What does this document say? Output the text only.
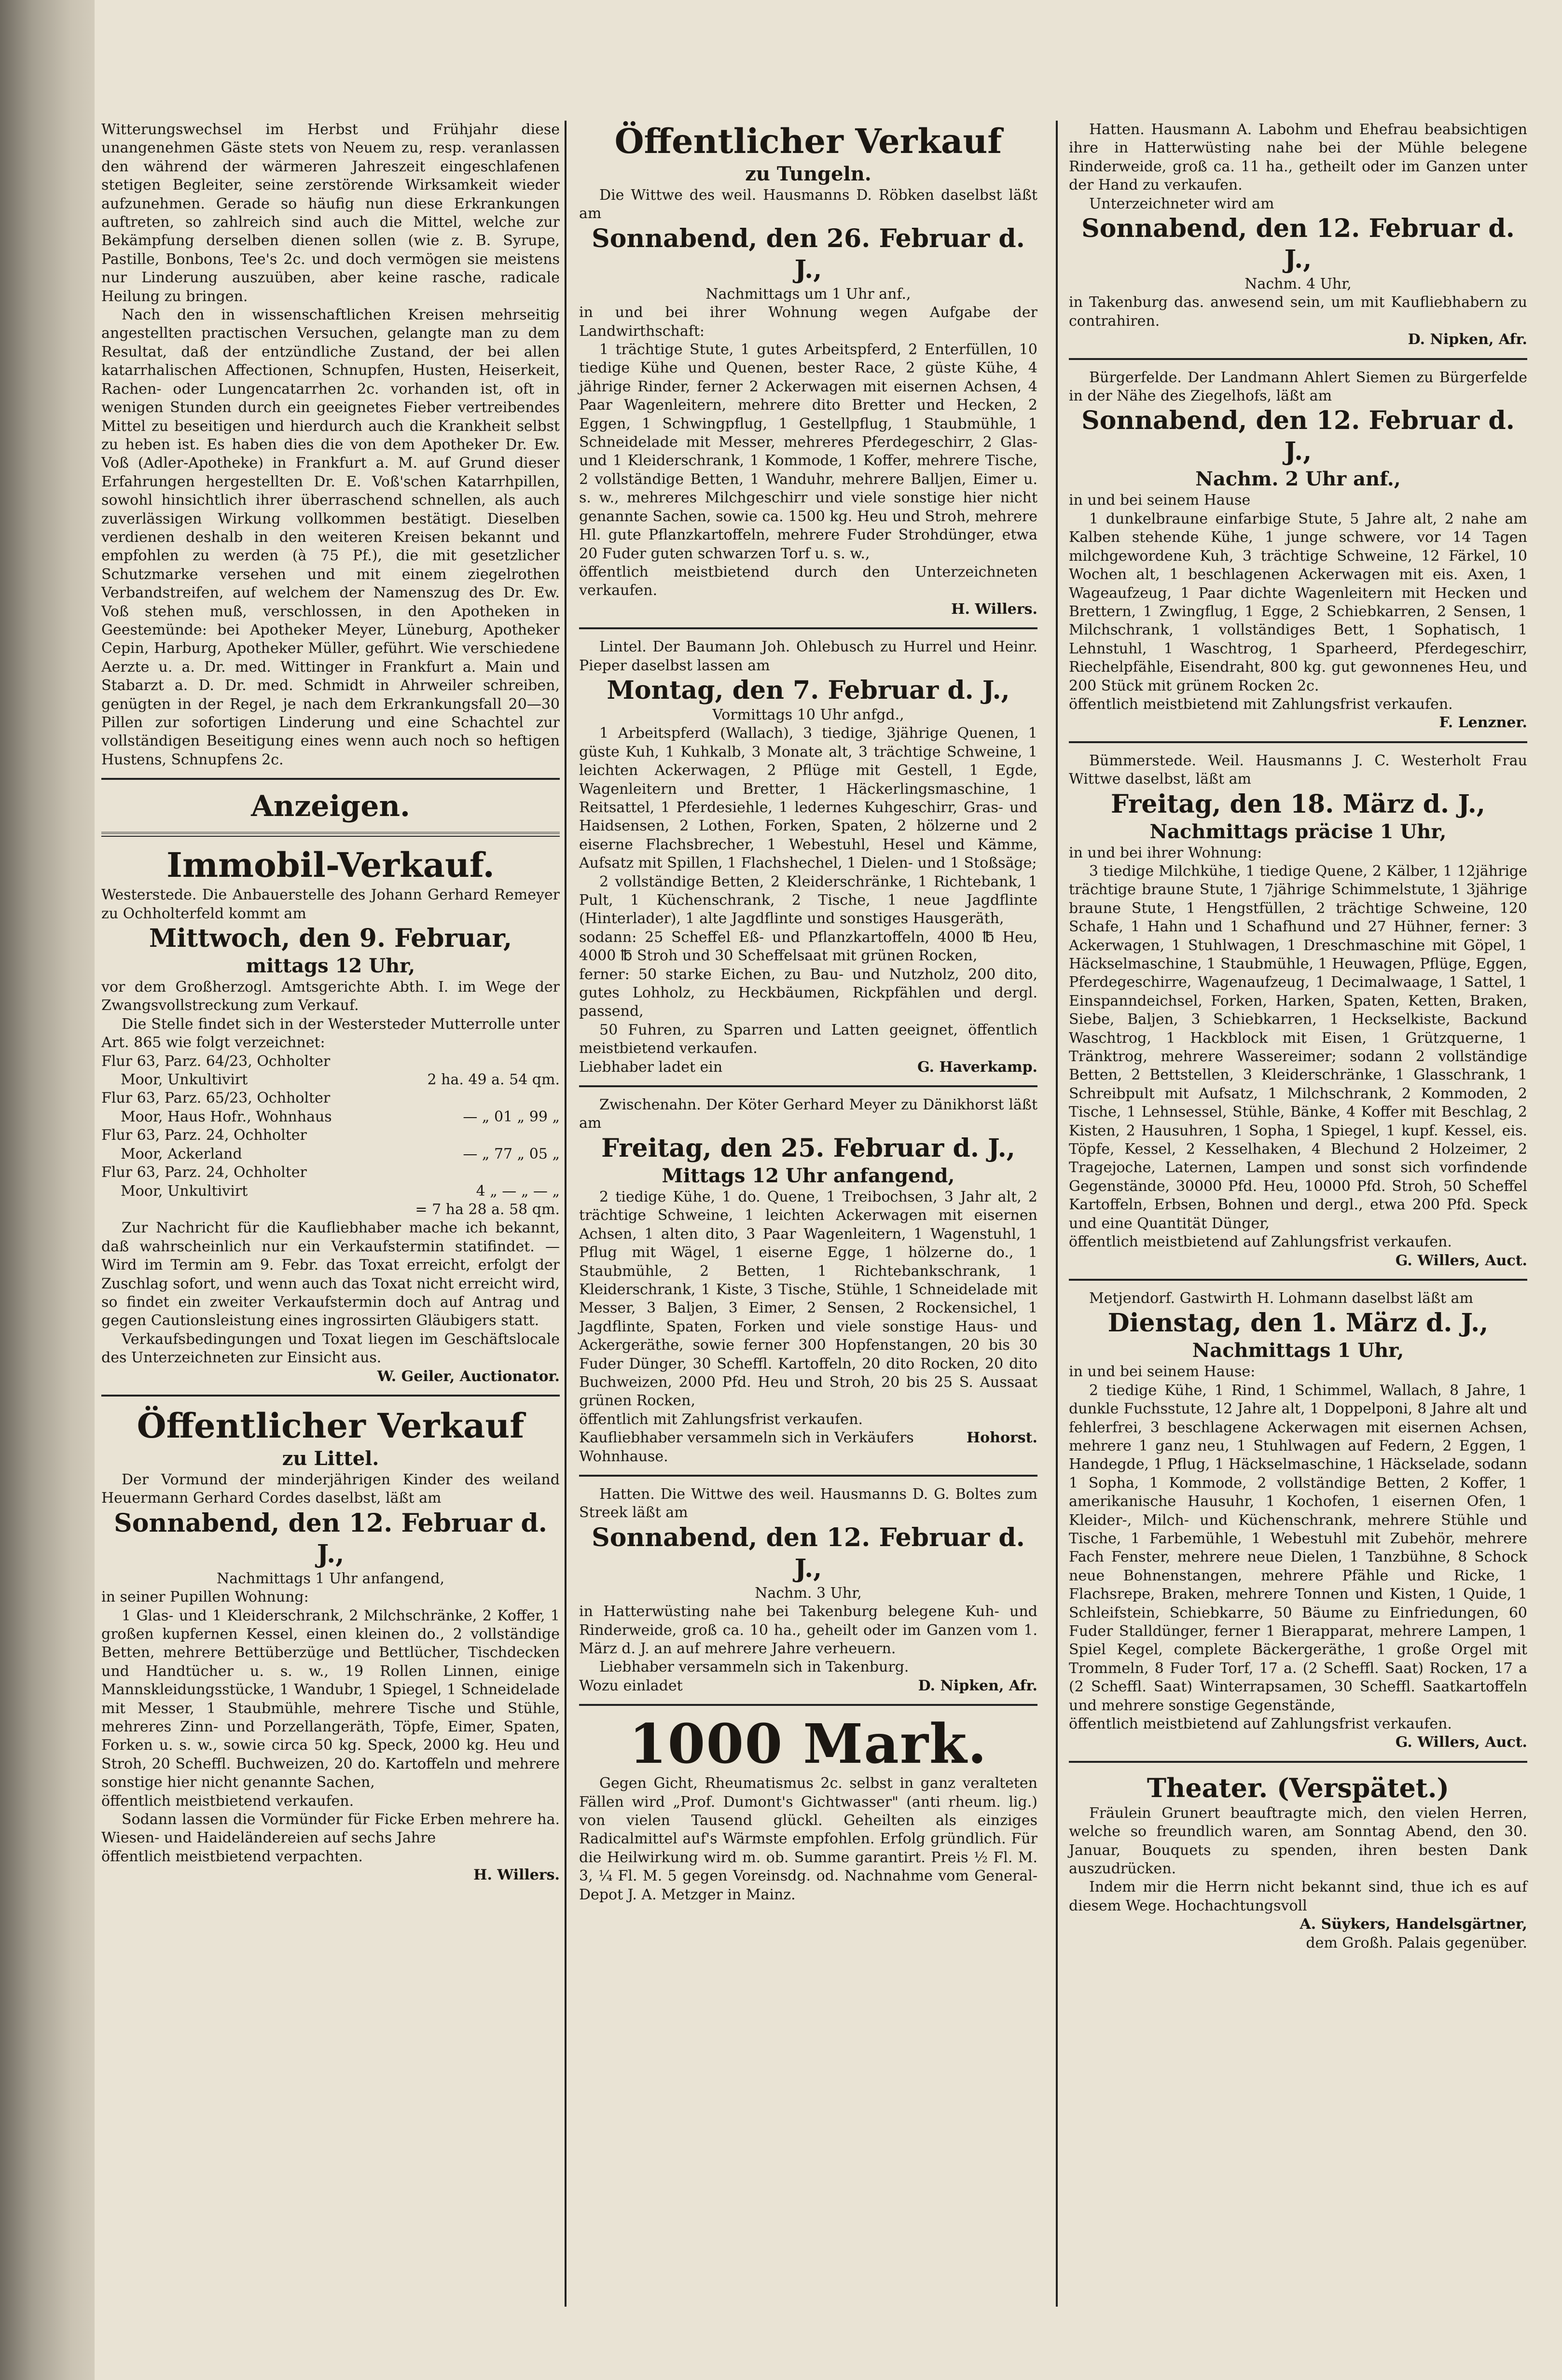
Witterungswechsel im Herbst und Frühjahr diese unangenehmen Gäste stets von Neuem zu, resp. veranlassen den während der wärmeren Jahreszeit eingeschlafenen stetigen Begleiter, seine zerstörende Wirksamkeit wieder aufzunehmen. Gerade so häufig nun diese Erkrankungen auftreten, so zahlreich sind auch die Mittel, welche zur Bekämpfung derselben dienen sollen (wie z. B. Syrupe, Pastille, Bonbons, Tee's 2c. und doch vermögen sie meistens nur Linderung auszuüben, aber keine rasche, radicale Heilung zu bringen.

Nach den in wissenschaftlichen Kreisen mehrseitig angestellten practischen Versuchen, gelangte man zu dem Resultat, daß der entzündliche Zustand, der bei allen katarrhalischen Affectionen, Schnupfen, Husten, Heiserkeit, Rachen- oder Lungencatarrhen 2c. vorhanden ist, oft in wenigen Stunden durch ein geeignetes Fieber vertreibendes Mittel zu beseitigen und hierdurch auch die Krankheit selbst zu heben ist. Es haben dies die von dem Apotheker Dr. Ew. Voß (Adler-Apotheke) in Frankfurt a. M. auf Grund dieser Erfahrungen hergestellten Dr. E. Voß'schen Katarrhpillen, sowohl hinsichtlich ihrer überraschend schnellen, als auch zuverlässigen Wirkung vollkommen bestätigt. Dieselben verdienen deshalb in den weiteren Kreisen bekannt und empfohlen zu werden (à 75 Pf.), die mit gesetzlicher Schutzmarke versehen und mit einem ziegelrothen Verbandstreifen, auf welchem der Namenszug des Dr. Ew. Voß stehen muß, verschlossen, in den Apotheken in Geestemünde: bei Apotheker Meyer, Lüneburg, Apotheker Cepin, Harburg, Apotheker Müller, geführt. Wie verschiedene Aerzte u. a. Dr. med. Wittinger in Frankfurt a. Main und Stabarzt a. D. Dr. med. Schmidt in Ahrweiler schreiben, genügten in der Regel, je nach dem Erkrankungsfall 20—30 Pillen zur sofortigen Linderung und eine Schachtel zur vollständigen Beseitigung eines wenn auch noch so heftigen Hustens, Schnupfens 2c.

Anzeigen.
Immobil-Verkauf.

Westerstede. Die Anbauerstelle des Johann Gerhard Remeyer zu Ochholterfeld kommt am

Mittwoch, den 9. Februar,
mittags 12 Uhr,

vor dem Großherzogl. Amtsgerichte Abth. I. im Wege der Zwangsvollstreckung zum Verkauf.

Die Stelle findet sich in der Westersteder Mutterrolle unter Art. 865 wie folgt verzeichnet:

Flur 63, Parz. 64/23, Ochholter
Moor, Unkultivirt	2 ha. 49 a. 54 qm.
Flur 63, Parz. 65/23, Ochholter
Moor, Haus Hofr., Wohnhaus	— „ 01 „ 99 „
Flur 63, Parz. 24, Ochholter
Moor, Ackerland	— „ 77 „ 05 „
Flur 63, Parz. 24, Ochholter
Moor, Unkultivirt	4 „ — „ — „
= 7 ha 28 a. 58 qm.

Zur Nachricht für die Kaufliebhaber mache ich bekannt, daß wahrscheinlich nur ein Verkaufstermin statifindet. — Wird im Termin am 9. Febr. das Toxat erreicht, erfolgt der Zuschlag sofort, und wenn auch das Toxat nicht erreicht wird, so findet ein zweiter Verkaufstermin doch auf Antrag und gegen Cautionsleistung eines ingrossirten Gläubigers statt.

Verkaufsbedingungen und Toxat liegen im Geschäftslocale des Unterzeichneten zur Einsicht aus.

W. Geiler, Auctionator.

Öffentlicher Verkauf
zu Littel.

Der Vormund der minderjährigen Kinder des weiland Heuermann Gerhard Cordes daselbst, läßt am

Sonnabend, den 12. Februar d. J.,

Nachmittags 1 Uhr anfangend,

in seiner Pupillen Wohnung:

1 Glas- und 1 Kleiderschrank, 2 Milchschränke, 2 Koffer, 1 großen kupfernen Kessel, einen kleinen do., 2 vollständige Betten, mehrere Bettüberzüge und Bettlücher, Tischdecken und Handtücher u. s. w., 19 Rollen Linnen, einige Mannskleidungsstücke, 1 Wandubr, 1 Spiegel, 1 Schneidelade mit Messer, 1 Staubmühle, mehrere Tische und Stühle, mehreres Zinn- und Porzellangeräth, Töpfe, Eimer, Spaten, Forken u. s. w., sowie circa 50 kg. Speck, 2000 kg. Heu und Stroh, 20 Scheffl. Buchweizen, 20 do. Kartoffeln und mehrere sonstige hier nicht genannte Sachen,

öffentlich meistbietend verkaufen.

Sodann lassen die Vormünder für Ficke Erben mehrere ha. Wiesen- und Haideländereien auf sechs Jahre

öffentlich meistbietend verpachten.

H. Willers.

Öffentlicher Verkauf
zu Tungeln.

Die Wittwe des weil. Hausmanns D. Röbken daselbst läßt am

Sonnabend, den 26. Februar d. J.,

Nachmittags um 1 Uhr anf.,

in und bei ihrer Wohnung wegen Aufgabe der Landwirthschaft:

1 trächtige Stute, 1 gutes Arbeitspferd, 2 Enterfüllen, 10 tiedige Kühe und Quenen, bester Race, 2 güste Kühe, 4 jährige Rinder, ferner 2 Ackerwagen mit eisernen Achsen, 4 Paar Wagenleitern, mehrere dito Bretter und Hecken, 2 Eggen, 1 Schwingpflug, 1 Gestellpflug, 1 Staubmühle, 1 Schneidelade mit Messer, mehreres Pferdegeschirr, 2 Glas- und 1 Kleiderschrank, 1 Kommode, 1 Koffer, mehrere Tische, 2 vollständige Betten, 1 Wanduhr, mehrere Balljen, Eimer u. s. w., mehreres Milchgeschirr und viele sonstige hier nicht genannte Sachen, sowie ca. 1500 kg. Heu und Stroh, mehrere Hl. gute Pflanzkartoffeln, mehrere Fuder Strohdünger, etwa 20 Fuder guten schwarzen Torf u. s. w.,

öffentlich meistbietend durch den Unterzeichneten verkaufen.

H. Willers.

Lintel. Der Baumann Joh. Ohlebusch zu Hurrel und Heinr. Pieper daselbst lassen am

Montag, den 7. Februar d. J.,

Vormittags 10 Uhr anfgd.,

1 Arbeitspferd (Wallach), 3 tiedige, 3jährige Quenen, 1 güste Kuh, 1 Kuhkalb, 3 Monate alt, 3 trächtige Schweine, 1 leichten Ackerwagen, 2 Pflüge mit Gestell, 1 Egde, Wagenleitern und Bretter, 1 Häckerlingsmaschine, 1 Reitsattel, 1 Pferdesiehle, 1 ledernes Kuhgeschirr, Gras- und Haidsensen, 2 Lothen, Forken, Spaten, 2 hölzerne und 2 eiserne Flachsbrecher, 1 Webestuhl, Hesel und Kämme, Aufsatz mit Spillen, 1 Flachshechel, 1 Dielen- und 1 Stoßsäge;

2 vollständige Betten, 2 Kleiderschränke, 1 Richtebank, 1 Pult, 1 Küchenschrank, 2 Tische, 1 neue Jagdflinte (Hinterlader), 1 alte Jagdflinte und sonstiges Hausgeräth,

sodann: 25 Scheffel Eß- und Pflanzkartoffeln, 4000 ℔ Heu, 4000 ℔ Stroh und 30 Scheffelsaat mit grünen Rocken,

ferner: 50 starke Eichen, zu Bau- und Nutzholz, 200 dito, gutes Lohholz, zu Heckbäumen, Rickpfählen und dergl. passend,

50 Fuhren, zu Sparren und Latten geeignet, öffentlich meistbietend verkaufen.

Liebhaber ladet ein	G. Haverkamp.

Zwischenahn. Der Köter Gerhard Meyer zu Dänikhorst läßt am

Freitag, den 25. Februar d. J.,
Mittags 12 Uhr anfangend,

2 tiedige Kühe, 1 do. Quene, 1 Treibochsen, 3 Jahr alt, 2 trächtige Schweine, 1 leichten Ackerwagen mit eisernen Achsen, 1 alten dito, 3 Paar Wagenleitern, 1 Wagenstuhl, 1 Pflug mit Wägel, 1 eiserne Egge, 1 hölzerne do., 1 Staubmühle, 2 Betten, 1 Richtebankschrank, 1 Kleiderschrank, 1 Kiste, 3 Tische, Stühle, 1 Schneidelade mit Messer, 3 Baljen, 3 Eimer, 2 Sensen, 2 Rockensichel, 1 Jagdflinte, Spaten, Forken und viele sonstige Haus- und Ackergeräthe, sowie ferner 300 Hopfenstangen, 20 bis 30 Fuder Dünger, 30 Scheffl. Kartoffeln, 20 dito Rocken, 20 dito Buchweizen, 2000 Pfd. Heu und Stroh, 20 bis 25 S. Aussaat grünen Rocken,

öffentlich mit Zahlungsfrist verkaufen.

Kaufliebhaber versammeln sich in Verkäufers Wohnhause.
Hohorst.

Hatten. Die Wittwe des weil. Hausmanns D. G. Boltes zum Streek läßt am

Sonnabend, den 12. Februar d. J.,

Nachm. 3 Uhr,

in Hatterwüsting nahe bei Takenburg belegene Kuh- und Rinderweide, groß ca. 10 ha., geheilt oder im Ganzen vom 1. März d. J. an auf mehrere Jahre verheuern.

Liebhaber versammeln sich in Takenburg.

Wozu einladet	D. Nipken, Afr.
1000 Mark.

Gegen Gicht, Rheumatismus 2c. selbst in ganz veralteten Fällen wird „Prof. Dumont's Gichtwasser" (anti rheum. lig.) von vielen Tausend glückl. Geheilten als einziges Radicalmittel auf's Wärmste empfohlen. Erfolg gründlich. Für die Heilwirkung wird m. ob. Summe garantirt. Preis ½ Fl. M. 3, ¼ Fl. M. 5 gegen Voreinsdg. od. Nachnahme vom General-Depot J. A. Metzger in Mainz.

Hatten. Hausmann A. Labohm und Ehefrau beabsichtigen ihre in Hatterwüsting nahe bei der Mühle belegene Rinderweide, groß ca. 11 ha., getheilt oder im Ganzen unter der Hand zu verkaufen.

Unterzeichneter wird am

Sonnabend, den 12. Februar d. J.,

Nachm. 4 Uhr,

in Takenburg das. anwesend sein, um mit Kaufliebhabern zu contrahiren.

D. Nipken, Afr.

Bürgerfelde. Der Landmann Ahlert Siemen zu Bürgerfelde in der Nähe des Ziegelhofs, läßt am

Sonnabend, den 12. Februar d. J.,
Nachm. 2 Uhr anf.,

in und bei seinem Hause

1 dunkelbraune einfarbige Stute, 5 Jahre alt, 2 nahe am Kalben stehende Kühe, 1 junge schwere, vor 14 Tagen milchgewordene Kuh, 3 trächtige Schweine, 12 Färkel, 10 Wochen alt, 1 beschlagenen Ackerwagen mit eis. Axen, 1 Wageaufzeug, 1 Paar dichte Wagenleitern mit Hecken und Brettern, 1 Zwingflug, 1 Egge, 2 Schiebkarren, 2 Sensen, 1 Milchschrank, 1 vollständiges Bett, 1 Sophatisch, 1 Lehnstuhl, 1 Waschtrog, 1 Sparheerd, Pferdegeschirr, Riechelpfähle, Eisendraht, 800 kg. gut gewonnenes Heu, und 200 Stück mit grünem Rocken 2c.

öffentlich meistbietend mit Zahlungsfrist verkaufen.

F. Lenzner.

Bümmerstede. Weil. Hausmanns J. C. Westerholt Frau Wittwe daselbst, läßt am

Freitag, den 18. März d. J.,
Nachmittags präcise 1 Uhr,

in und bei ihrer Wohnung:

3 tiedige Milchkühe, 1 tiedige Quene, 2 Kälber, 1 12jährige trächtige braune Stute, 1 7jährige Schimmelstute, 1 3jährige braune Stute, 1 Hengstfüllen, 2 trächtige Schweine, 120 Schafe, 1 Hahn und 1 Schafhund und 27 Hühner, ferner: 3 Ackerwagen, 1 Stuhlwagen, 1 Dreschmaschine mit Göpel, 1 Häckselmaschine, 1 Staubmühle, 1 Heuwagen, Pflüge, Eggen, Pferdegeschirre, Wagenaufzeug, 1 Decimalwaage, 1 Sattel, 1 Einspanndeichsel, Forken, Harken, Spaten, Ketten, Braken, Siebe, Baljen, 3 Schiebkarren, 1 Heckselkiste, Backund Waschtrog, 1 Hackblock mit Eisen, 1 Grützquerne, 1 Tränktrog, mehrere Wassereimer; sodann 2 vollständige Betten, 2 Bettstellen, 3 Kleiderschränke, 1 Glasschrank, 1 Schreibpult mit Aufsatz, 1 Milchschrank, 2 Kommoden, 2 Tische, 1 Lehnsessel, Stühle, Bänke, 4 Koffer mit Beschlag, 2 Kisten, 2 Hausuhren, 1 Sopha, 1 Spiegel, 1 kupf. Kessel, eis. Töpfe, Kessel, 2 Kesselhaken, 4 Blechund 2 Holzeimer, 2 Tragejoche, Laternen, Lampen und sonst sich vorfindende Gegenstände, 30000 Pfd. Heu, 10000 Pfd. Stroh, 50 Scheffel Kartoffeln, Erbsen, Bohnen und dergl., etwa 200 Pfd. Speck und eine Quantität Dünger,

öffentlich meistbietend auf Zahlungsfrist verkaufen.

G. Willers, Auct.

Metjendorf. Gastwirth H. Lohmann daselbst läßt am

Dienstag, den 1. März d. J.,
Nachmittags 1 Uhr,

in und bei seinem Hause:

2 tiedige Kühe, 1 Rind, 1 Schimmel, Wallach, 8 Jahre, 1 dunkle Fuchsstute, 12 Jahre alt, 1 Doppelponi, 8 Jahre alt und fehlerfrei, 3 beschlagene Ackerwagen mit eisernen Achsen, mehrere 1 ganz neu, 1 Stuhlwagen auf Federn, 2 Eggen, 1 Handegde, 1 Pflug, 1 Häckselmaschine, 1 Häckselade, sodann 1 Sopha, 1 Kommode, 2 vollständige Betten, 2 Koffer, 1 amerikanische Hausuhr, 1 Kochofen, 1 eisernen Ofen, 1 Kleider-, Milch- und Küchenschrank, mehrere Stühle und Tische, 1 Farbemühle, 1 Webestuhl mit Zubehör, mehrere Fach Fenster, mehrere neue Dielen, 1 Tanzbühne, 8 Schock neue Bohnenstangen, mehrere Pfähle und Ricke, 1 Flachsrepe, Braken, mehrere Tonnen und Kisten, 1 Quide, 1 Schleifstein, Schiebkarre, 50 Bäume zu Einfriedungen, 60 Fuder Stalldünger, ferner 1 Bierapparat, mehrere Lampen, 1 Spiel Kegel, complete Bäckergeräthe, 1 große Orgel mit Trommeln, 8 Fuder Torf, 17 a. (2 Scheffl. Saat) Rocken, 17 a (2 Scheffl. Saat) Winterrapsamen, 30 Scheffl. Saatkartoffeln und mehrere sonstige Gegenstände,

öffentlich meistbietend auf Zahlungsfrist verkaufen.

G. Willers, Auct.

Theater. (Verspätet.)

Fräulein Grunert beauftragte mich, den vielen Herren, welche so freundlich waren, am Sonntag Abend, den 30. Januar, Bouquets zu spenden, ihren besten Dank auszudrücken.

Indem mir die Herrn nicht bekannt sind, thue ich es auf diesem Wege. Hochachtungsvoll

A. Süykers, Handelsgärtner,

dem Großh. Palais gegenüber.
